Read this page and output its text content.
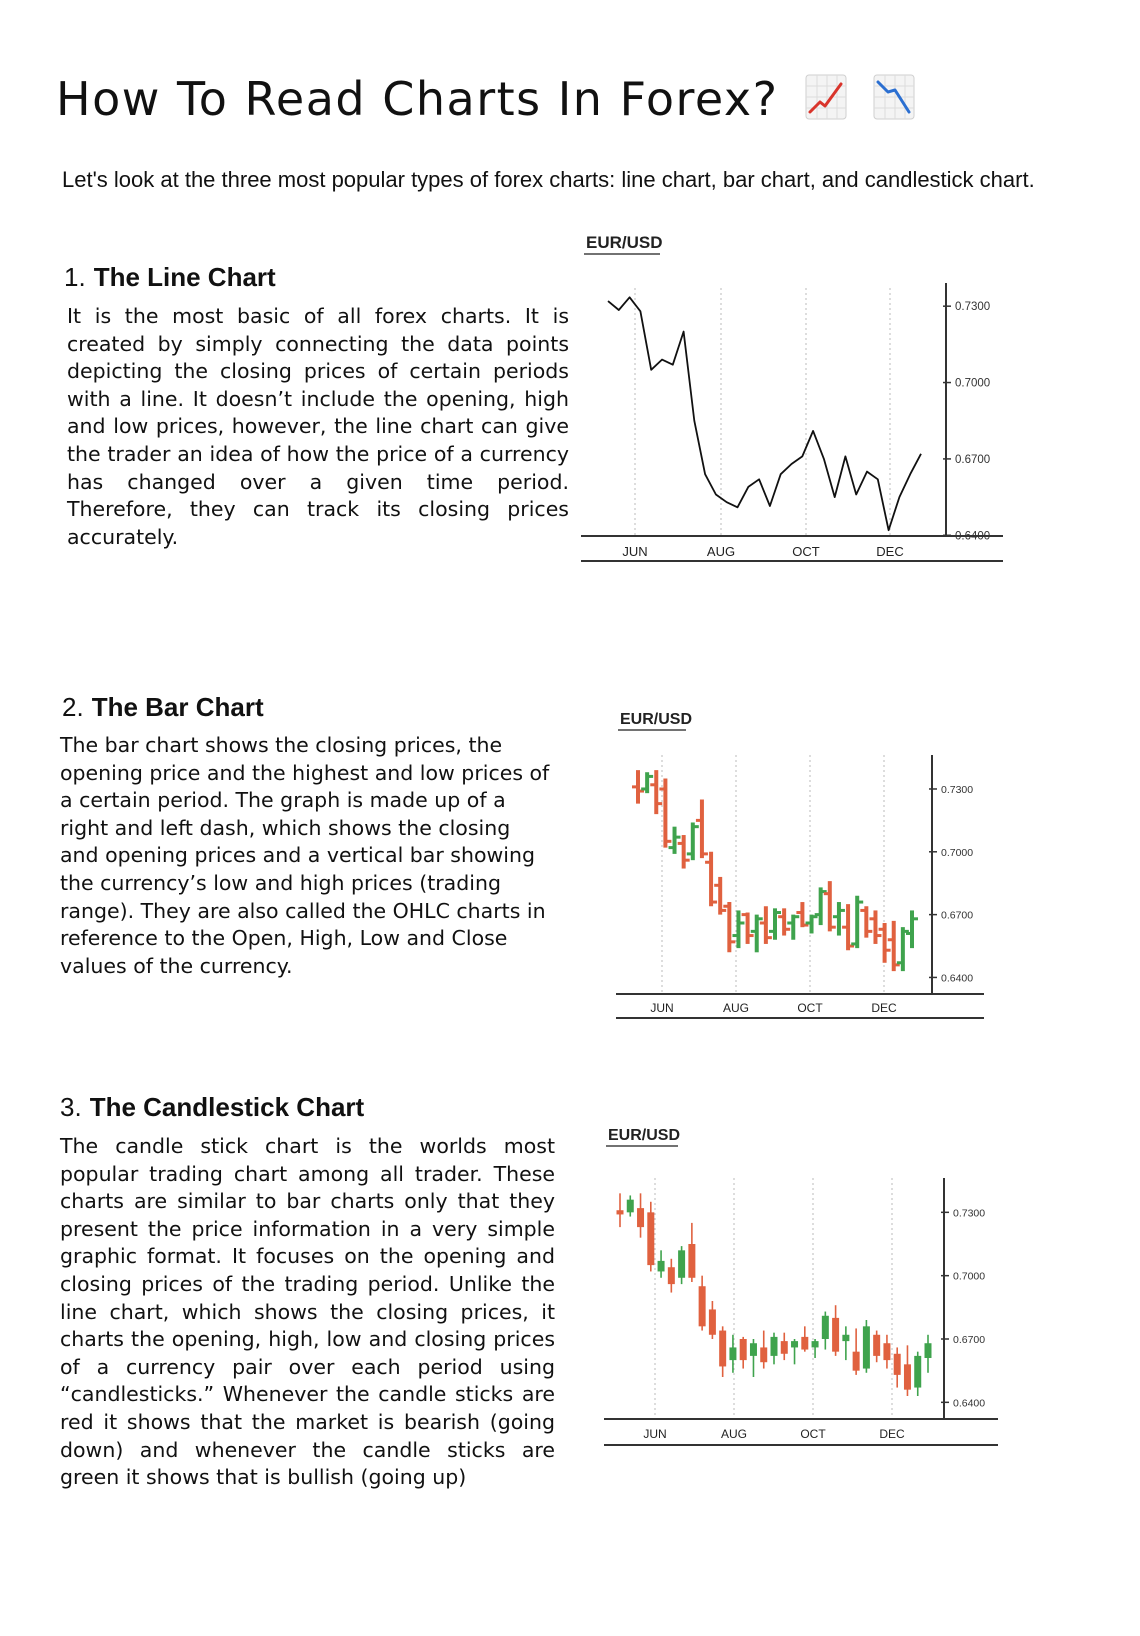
How To Read Charts In Forex?
Let's look at the three most popular types of forex charts: line chart, bar chart, and candlestick chart.
1. The Line Chart
It is the most basic of all forex charts. It is created by simply connecting the data points depicting the closing prices of certain periods with a line. It doesn’t include the opening, high and low prices, however, the line chart can give the trader an idea of how the price of a currency has changed over a given time period. Therefore, they can track its closing prices accurately.
2. The Bar Chart
The bar chart shows the closing prices, the opening price and the highest and low prices of a certain period. The graph is made up of a right and left dash, which shows the closing and opening prices and a vertical bar showing the currency’s low and high prices (trading range). They are also called the OHLC charts in reference to the Open, High, Low and Close values of the currency.
3. The Candlestick Chart
The candle stick chart is the worlds most popular trading chart among all trader. These charts are similar to bar charts only that they present the price information in a very simple graphic format. It focuses on the opening and closing prices of the trading period. Unlike the line chart, which shows the closing prices, it charts the opening, high, low and closing prices of a currency pair over each period using “candlesticks.” Whenever the candle sticks are red it shows that the market is bearish (going down) and whenever the candle sticks are green it shows that is bullish (going up)
EUR/USD
JUN	AUG	OCT	DEC
0.7300
0.7000
0.6700
0.6400
EUR/USD
JUN	AUG	OCT	DEC
0.7300
0.7000
0.6700
0.6400
EUR/USD
JUN	AUG	OCT	DEC
0.7300
0.7000
0.6700
0.6400
